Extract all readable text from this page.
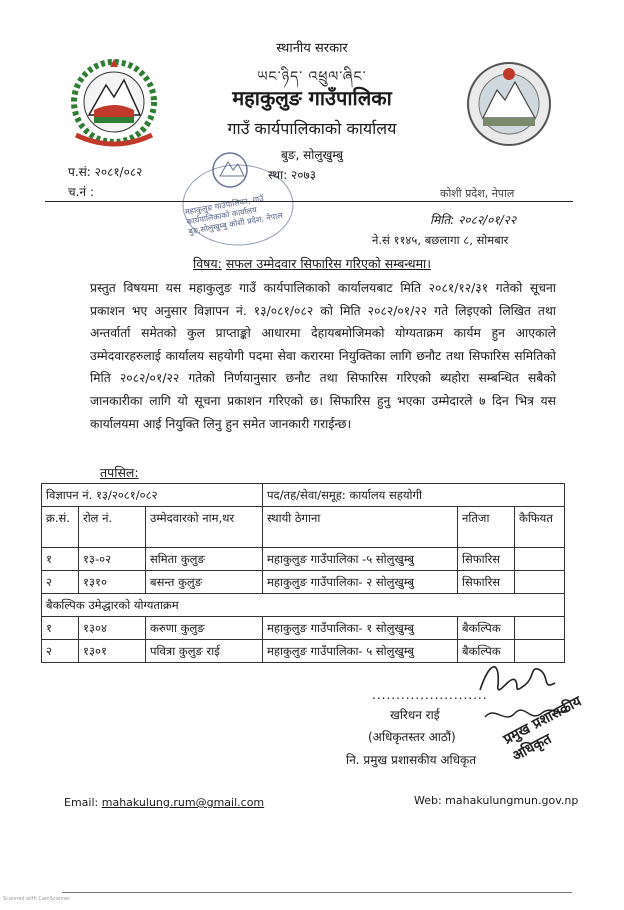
स्थानीय सरकार
ཡང་ཉིད་ འཕྲུལ་ཞིང་
महाकुलुङ गाउँपालिका
गाउँ कार्यपालिकाको कार्यालय
बुङ, सोलुखुम्बु
स्था: २०७३
प.सं: २०८१/०८२
च.नं :	कोशी प्रदेश, नेपाल
महाकुलुङ गाउँपालिका, गाउँ कार्यपालिकाको कार्यालय बुङ,सोलुखुम्बु कोशी प्रदेश, नेपाल	मिति: २०८२/०१/२२
ने.सं ११४५, बछलागा ८, सोमबार
विषय: सफल उम्मेदवार सिफारिस गरिएको सम्बन्धमा।
प्रस्तुत विषयमा यस महाकुलुङ गाउँ कार्यपालिकाको कार्यालयबाट मिति २०८१/१२/३१ गतेको सूचना प्रकाशन भए अनुसार विज्ञापन नं. १३/०८१/०८२ को मिति २०८२/०१/२२ गते लिइएको लिखित तथा अन्तर्वार्ता समेतको कुल प्राप्ताङ्को आधारमा देहायबमोजिमको योग्यताक्रम कार्यम हुन आएकाले उम्मेदवारहरुलाई कार्यालय सहयोगी पदमा सेवा करारमा नियुक्तिका लागि छनौट तथा सिफारिस समितिको मिति २०८२/०१/२२ गतेको निर्णयानुसार छनौट तथा सिफारिस गरिएको ब्यहोरा सम्बन्धित सबैको जानकारीका लागि यो सूचना प्रकाशन गरिएको छ। सिफारिस हुनु भएका उम्मेदारले ७ दिन भित्र यस कार्यालयमा आई नियुक्ति लिनु हुन समेत जानकारी गराईन्छ।
तपसिल:
विज्ञापन नं. १३/२०८१/०८२			पद/तह/सेवा/समूह: कार्यालय सहयोगी		
क्र.सं.	रोल नं.	उम्मेदवारको नाम,थर	स्थायी ठेगाना	नतिजा	कैफियत
१	१३-०२	समिता कुलुङ	महाकुलुङ गाउँपालिका -५ सोलुखुम्बु	सिफारिस	
२	१३१०	बसन्त कुलुङ	महाकुलुङ गाउँपालिका- २ सोलुखुम्बु	सिफारिस	
बैकल्पिक उमेद्धारको योग्यताक्रम					
१	१३०४	करुणा कुलुङ	महाकुलुङ गाउँपालिका- १ सोलुखुम्बु	बैकल्पिक	
२	१३०१	पवित्रा कुलुङ राई	महाकुलुङ गाउँपालिका- ५ सोलुखुम्बु	बैकल्पिक	
........................
खरिधन राई
(अधिकृतस्तर आठौं)
नि. प्रमुख प्रशासकीय अधिकृत
प्रमुख प्रशासकीय अधिकृत
Email: mahakulung.rum@gmail.com	Web: mahakulungmun.gov.np
Scanned with CamScanner
